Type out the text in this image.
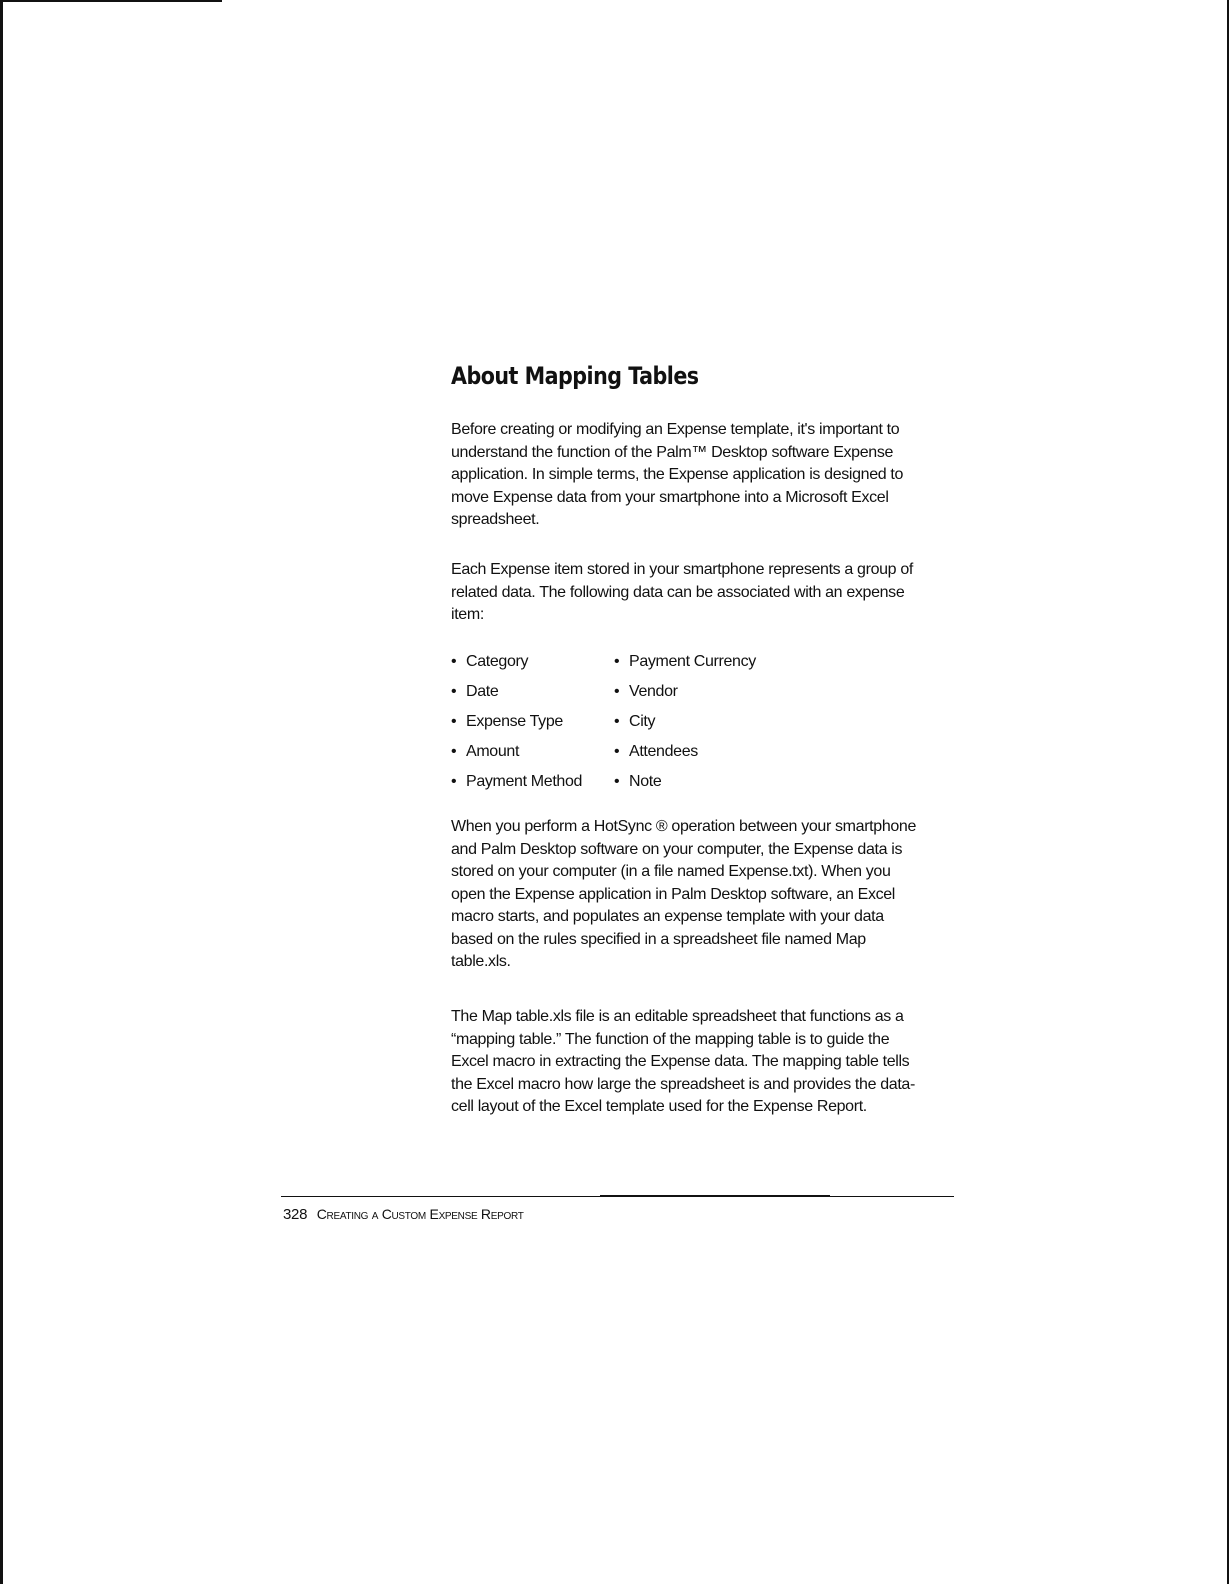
About Mapping Tables

Before creating or modifying an Expense template, it's important to understand the function of the Palm™ Desktop software Expense application. In simple terms, the Expense application is designed to move Expense data from your smartphone into a Microsoft Excel spreadsheet.

Each Expense item stored in your smartphone represents a group of related data. The following data can be associated with an expense item:

• Category
• Date
• Expense Type
• Amount
• Payment Method
• Payment Currency
• Vendor
• City
• Attendees
• Note

When you perform a HotSync ® operation between your smartphone and Palm Desktop software on your computer, the Expense data is stored on your computer (in a file named Expense.txt). When you open the Expense application in Palm Desktop software, an Excel macro starts, and populates an expense template with your data based on the rules specified in a spreadsheet file named Map table.xls.

The Map table.xls file is an editable spreadsheet that functions as a “mapping table.” The function of the mapping table is to guide the Excel macro in extracting the Expense data. The mapping table tells the Excel macro how large the spreadsheet is and provides the data-cell layout of the Excel template used for the Expense Report.

328 Creating a Custom Expense Report
